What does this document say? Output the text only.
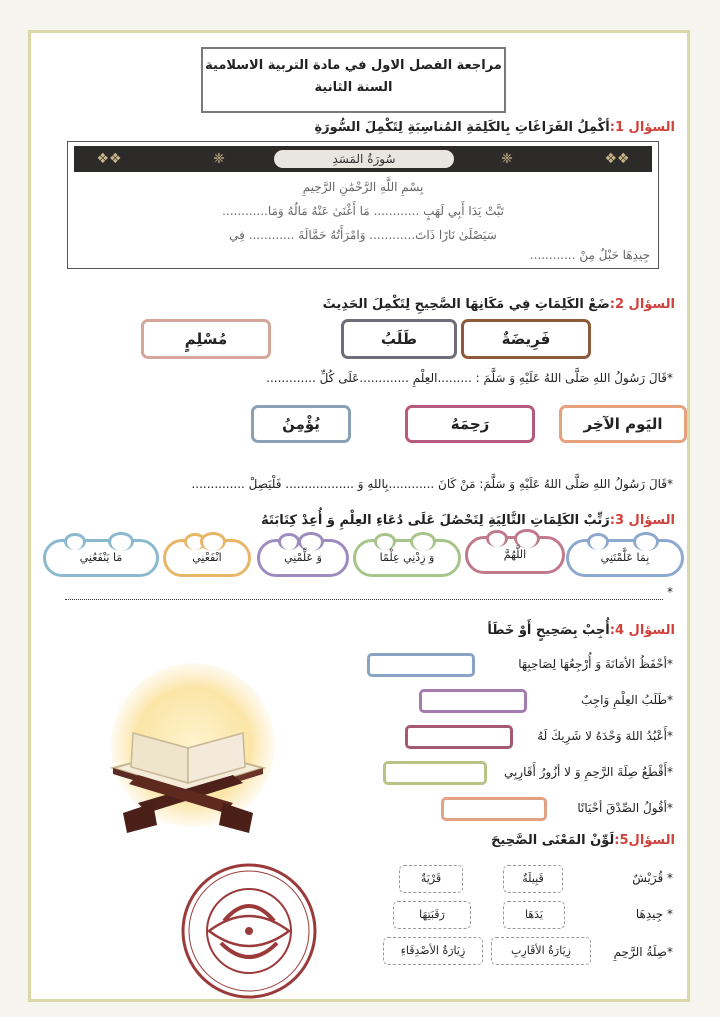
مراجعة الفصل الاول في مادة التربية الاسلامية
السنة الثانية
السؤال 1:أكْمِلُ الفَرَاغَاتِ بِالكَلِمَةِ المُناسِبَةِ لِتَكْمِلَ السُّورَةِ
❖❖	❈	❈	❖❖
سُورَةُ المَسَدِ
بِسْمِ اللَّهِ الرَّحْمَٰنِ الرَّحِيمِ
تَبَّتْ يَدَا أَبِي لَهَبٍ ............ مَا أَغْنَىٰ عَنْهُ مَالُهُ وَمَا............
سَيَصْلَىٰ نَارًا ذَاتَ............ وَامْرَأَتُهُ حَمَّالَةَ ............ فِي
جِيدِهَا حَبْلٌ مِنْ ............
السؤال 2:ضَعْ الكَلِمَاتِ فِي مَكَانِهَا الصَّحِيحِ لِتَكْمِلَ الحَدِيثَ
فَرِيضَةٌ
طَلَبُ
مُسْلِمٍ
*قَالَ رَسُولُ اللهِ صَلَّى اللهُ عَلَيْهِ وَ سَلَّمَ : .........العِلْمِ .............عَلَى كُلِّ .............
اليَوم الآخِر
رَحِمَهُ
يُؤْمِنُ
*قَالَ رَسُولُ اللهِ صَلَّى اللهُ عَلَيْهِ وَ سَلَّمَ: مَنْ كَانَ ............بِاللهِ وَ .................. فَلْيَصِلْ ..............
السؤال 3:رَتِّبْ الكَلِمَاتِ التَّالِيَةِ لِتَحْصُلَ عَلَى دُعَاءِ العِلْمِ وَ أُعِدْ كِتَابَتَهُ
بِمَا عَلَّمْتَنِي
اللَّهُمَّ
وَ زِدْنِي عِلْمًا
وَ عَلِّمْنِي
انْفَعْنِي
مَا يَنْفَعُنِي
*
السؤال 4:أُجِبْ بِصَحِيحٍ أَوْ خَطَأ
*أحْفَظُ الأمَانَةَ وَ أُرْجِعُهَا لِصَاحِبِهَا
*طَلَبُ العِلْمِ وَاجِبٌ
*أَعْبُدُ اللهَ وَحْدَهُ لا شَرِيكَ لَهُ
*أَقْطَعُ صِلَةَ الرَّحِمِ وَ لا أزُورُ أَقَارِبِي
*أقُولُ الصِّدْقَ أحْيَانًا
السؤال5:لَوِّنْ المَعْنَى الصَّحِيحَ
* قُرَيْشٌ
قَبِيلَةٌ
قَرْيَةٌ
* جِيدِهَا
يَدَهَا
رَقَبَتِهَا
*صِلَةُ الرَّحِمِ
زِيَارَةُ الأقَارِبِ
زِيَارَةُ الأصْدِقَاءِ
